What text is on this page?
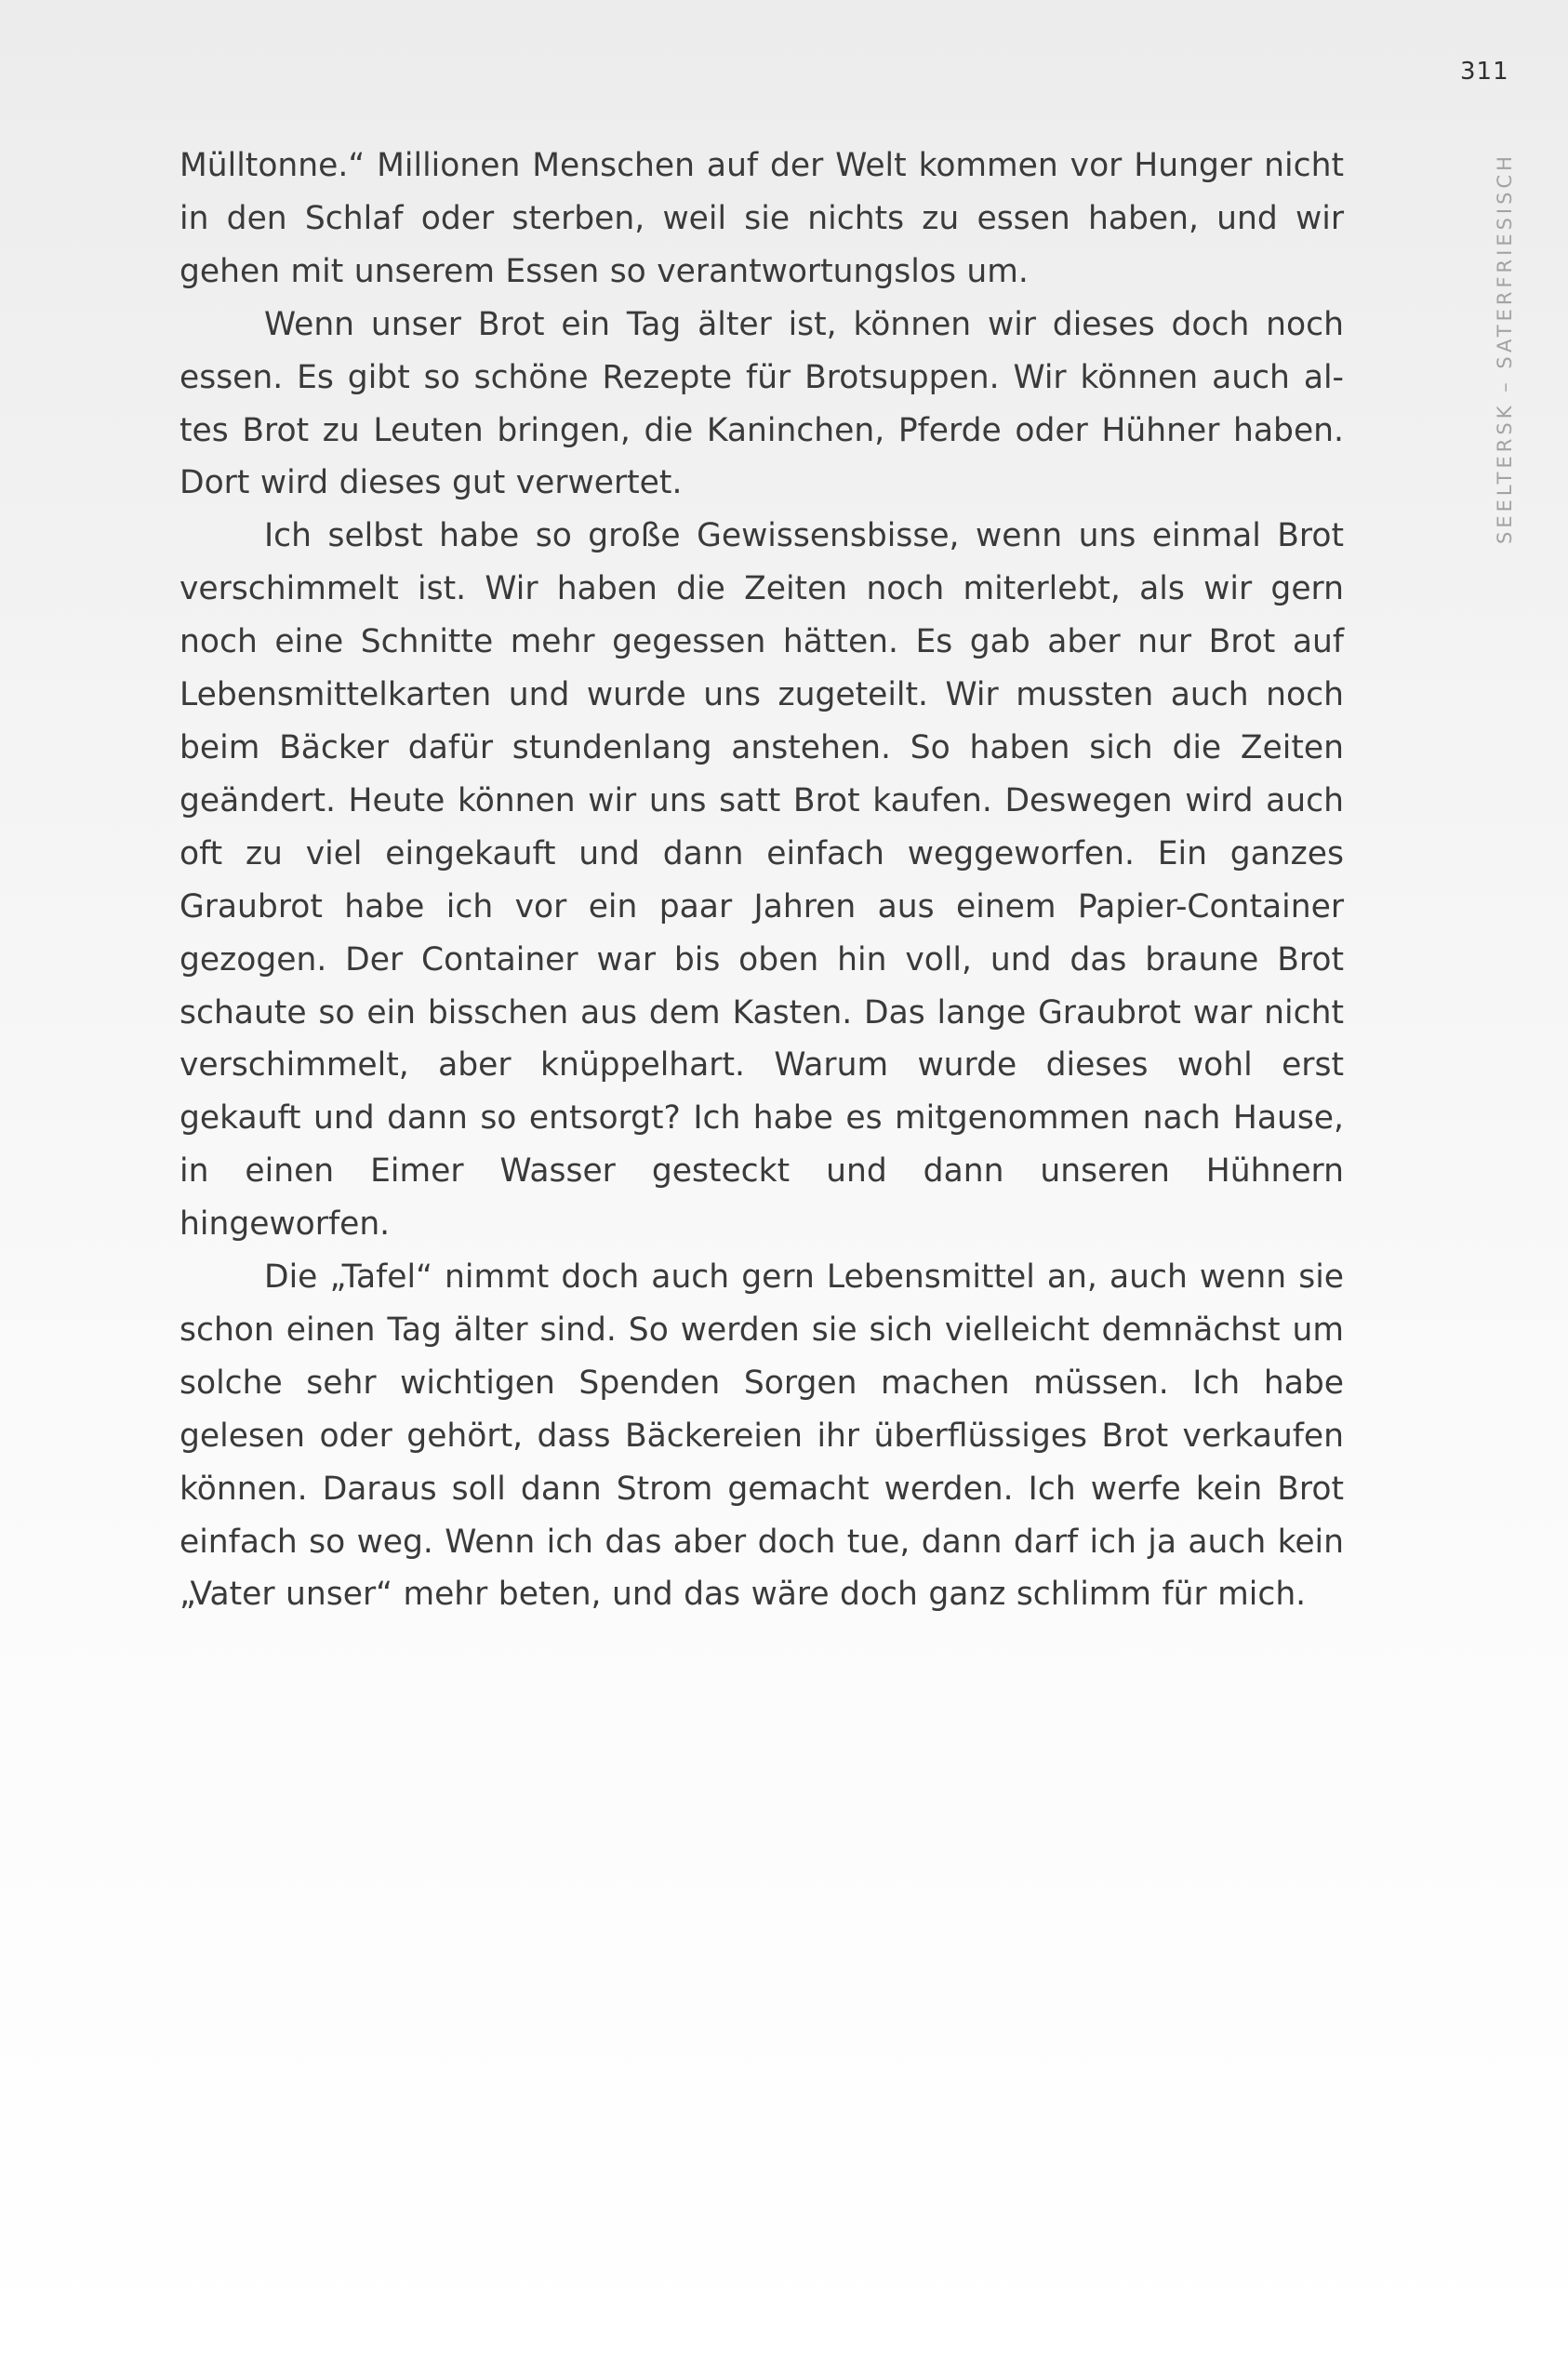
311
SEELTERSK – SATERFRIESISCH

Mülltonne.“ Millionen Menschen auf der Welt kommen vor Hunger nicht in den Schlaf oder sterben, weil sie nichts zu essen haben, und wir gehen mit unserem Essen so verantwortungslos um.

Wenn unser Brot ein Tag älter ist, können wir dieses doch noch essen. Es gibt so schöne Rezepte für Brotsuppen. Wir können auch altes Brot zu Leuten bringen, die Kaninchen, Pferde oder Hühner haben. Dort wird dieses gut verwertet.

Ich selbst habe so große Gewissensbisse, wenn uns einmal Brot verschimmelt ist. Wir haben die Zeiten noch miterlebt, als wir gern noch eine Schnitte mehr gegessen hätten. Es gab aber nur Brot auf Lebensmittelkarten und wurde uns zugeteilt. Wir mussten auch noch beim Bäcker dafür stundenlang anstehen. So haben sich die Zeiten geändert. Heute können wir uns satt Brot kaufen. Deswegen wird auch oft zu viel eingekauft und dann einfach weggeworfen. Ein ganzes Graubrot habe ich vor ein paar Jahren aus einem Papier-Container gezogen. Der Container war bis oben hin voll, und das braune Brot schaute so ein bisschen aus dem Kasten. Das lange Graubrot war nicht verschimmelt, aber knüppelhart. Warum wurde dieses wohl erst gekauft und dann so entsorgt? Ich habe es mitgenommen nach Hause, in einen Eimer Wasser gesteckt und dann unseren Hühnern hingeworfen.

Die „Tafel“ nimmt doch auch gern Lebensmittel an, auch wenn sie schon einen Tag älter sind. So werden sie sich vielleicht demnächst um solche sehr wichtigen Spenden Sorgen machen müssen. Ich habe gelesen oder gehört, dass Bäckereien ihr überflüssiges Brot verkaufen können. Daraus soll dann Strom gemacht werden. Ich werfe kein Brot einfach so weg. Wenn ich das aber doch tue, dann darf ich ja auch kein „Vater unser“ mehr beten, und das wäre doch ganz schlimm für mich.
